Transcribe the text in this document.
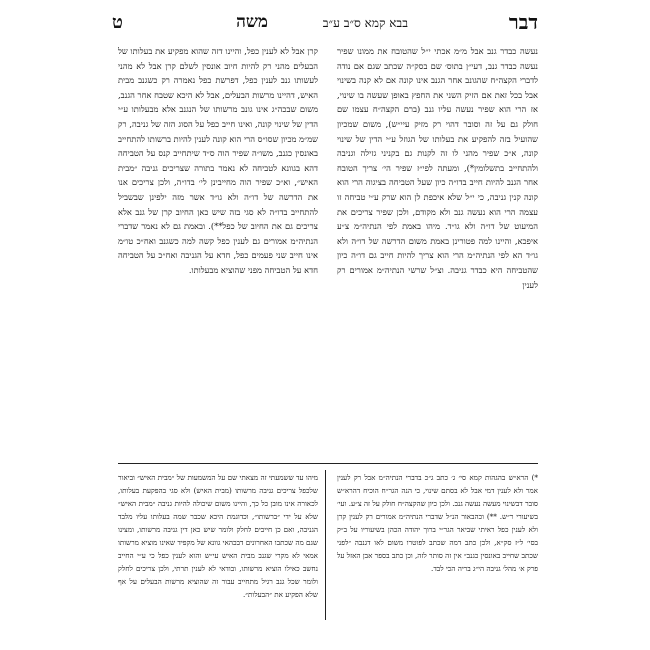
דבר
בבא קמא ס״ב ע״ב
משה
ט

נעשה כבדר גנב אבל מ״מ אכתי י״ל שהטובח את ממונו שפיר נעשה כבדר גנב, דעי״ן בתוס׳ שם בסק״ה שכתב שגם אם נודה לדברי הקצה״ח שהגונב אחר הגנב אינו קונה אם לא קנה בשינוי אבל בכל זאת אם הזיק השני את החפץ באופן שעשה בו שינוי, אז הרי הוא שפיר נעשה עליו גנב (ברם הקצה״ח עצמו שם חולק גם על זה וסובר דהוי רק מזיק עיי״ש), משום שמכיון שהועיל בזה להפקיע את בעלותו של הגוזל ע״י הדין של שינוי קונה, א״כ שפיר מהני לו זה לקנות גם בקניני גזילה וגניבה ולהתחייב בתשלומין*), ומעתה לפי״ז שפיר הי׳ צריך הטובח אחר הגנב להיות חייב בדו״ה כיון שעל הטביחה בציגוה הרי הוא קונה קנין גניבה, כי י״ל שלא איכפת לן הוא שרק ע״י טביחה זו עצמה הרי הוא נעשה גנב ולא מקודם, ולכן שפיר צריכים את המיעוט של דו״ה ולא גו״ד. מיהו באמת לפי הנתיה״מ צ״ע איפכא, והיינו למה פטורינן באמת משום הדרשה של דו״ה ולא גו״ד הא לפי הנתיה״מ הרי הוא צריך להיות חייב גם דו״ה כיון שהטביחה היא כבדר גניבה. וצ״ל שרשי הנתיה״מ אמורים רק לענין

קרן אבל לא לענין כפל, והיינו דזה שהוא מפקיע את בעלותו של הבעלים מהני רק להיות חיוב אונסין לשלם קרן אבל לא מהני לעשותו גנב לענין כפל, דפרשת כפל נאמרה רק כשגנב מבית האיש, דהיינו מרשות הבעלים, אבל לא היכא שטבח אחר הגנב, משום שבכה״ג אינו גונב מרשותו של הנגנב אלא מבעלותו ע״י הדין של שינוי קונה, ואינו חייב כפל על הסוג הזה של גניבה, רק שמ״מ מכיון שסו״ס הרי הוא קונה לענין להיות ברשותו להתחייב באונסין כגנב, משו״ה שפיר הוה ס״ד שיתחייב קנס על הטביחה דהא בגוונא לטביחה לא נאמר בתורה שצריכים גניבה ״מבית האיש״, וא״כ שפיר הוה מחייבינן לי׳ בדו״ה, ולכן צריכים אנו את הדרשה של דו״ה ולא גו״ד אשר מזה ילפינן שבשביל להתחייב בדו״ה לא סגי בזה שיש כאן החיוב קרן של גנב אלא צריכים גם את החיוב של כפל**). ובאמת גם לא נאמר שדברי הנתיה״מ אמורים גם לענין כפל קשה למה כשגנב ואח״כ טו״מ אינו חייב שני פעמים כפל, חדא על הגניבה ואח״כ על הטביחה חדא על הטביחה מפני שהוציא מבעלותו.

*) הרא״ש בהגהות קמא סי׳ ג׳ כתב ג״כ בדברי הנתיה״מ אבל רק לענין אמר ולא לענין דמי אבל לא בסתם שינוי, כי הנה הגר״ח הוכיח דהרא״ש סובר דבשינוי מעשה נעשה גנב. ולכן כיון שהקצה״ח חולק על זה צ״ע. ועי׳ בשיעורי ר״ש. **) וכהבאור הנ״ל שדברי הנתיה״מ אמורים רק לענין קרן ולא לענין כפל ראיתי שביאר הגר״י ברוך יהודה הכהן בשיעוריו על ב״ק בסי׳ ל״ז סק״א, ולכן כתב דמה שכתב לפוטרו משום לאו דגנבה ״לפני שכתב שחייב באונסין כגנב״ אין זה סותר לזה, וכן כתב בספר אבן האזל על פרק א׳ מהל׳ גניבה הי״ג בריה הכי לבד.

מיהו עד ששמעתי זה מצאתי שם על המשמעות של ״מבית האיש״ וביאור שלכפל צריכים גניבה מרשותו (מבית האיש) ולא סגי בהפקעת בעלותו, לכאורה אינו מובן כל כך, והיינו משום שיכולה להיות גניבה ״מבית האיש״ שלא על ידי ״ברשותו״, וכדוגמת היכא שכבר שמה בעלותו עליו מלבד הגניבה, ואם כן חייבים לחלק ולומר שיש כאן דין גניבה מרשותו, ומצינו שגם מה שכתבו האחרונים דבכהאי גוונא של מקפיד שאינו מוציא מרשותו אמאי לא מקרי שגנב מבית האיש עי״ש והוא לענין כפל כי ע״י החייב נחשב כאילו הוציא מרשותו, ובודאי לא לענין תרתי, ולכן צריכים לחלק ולומר שכל גנב רגיל מתחייב עבור זה שהוציא מרשות הבעלים על אף שלא הפקיע את ״הבעלות״.
